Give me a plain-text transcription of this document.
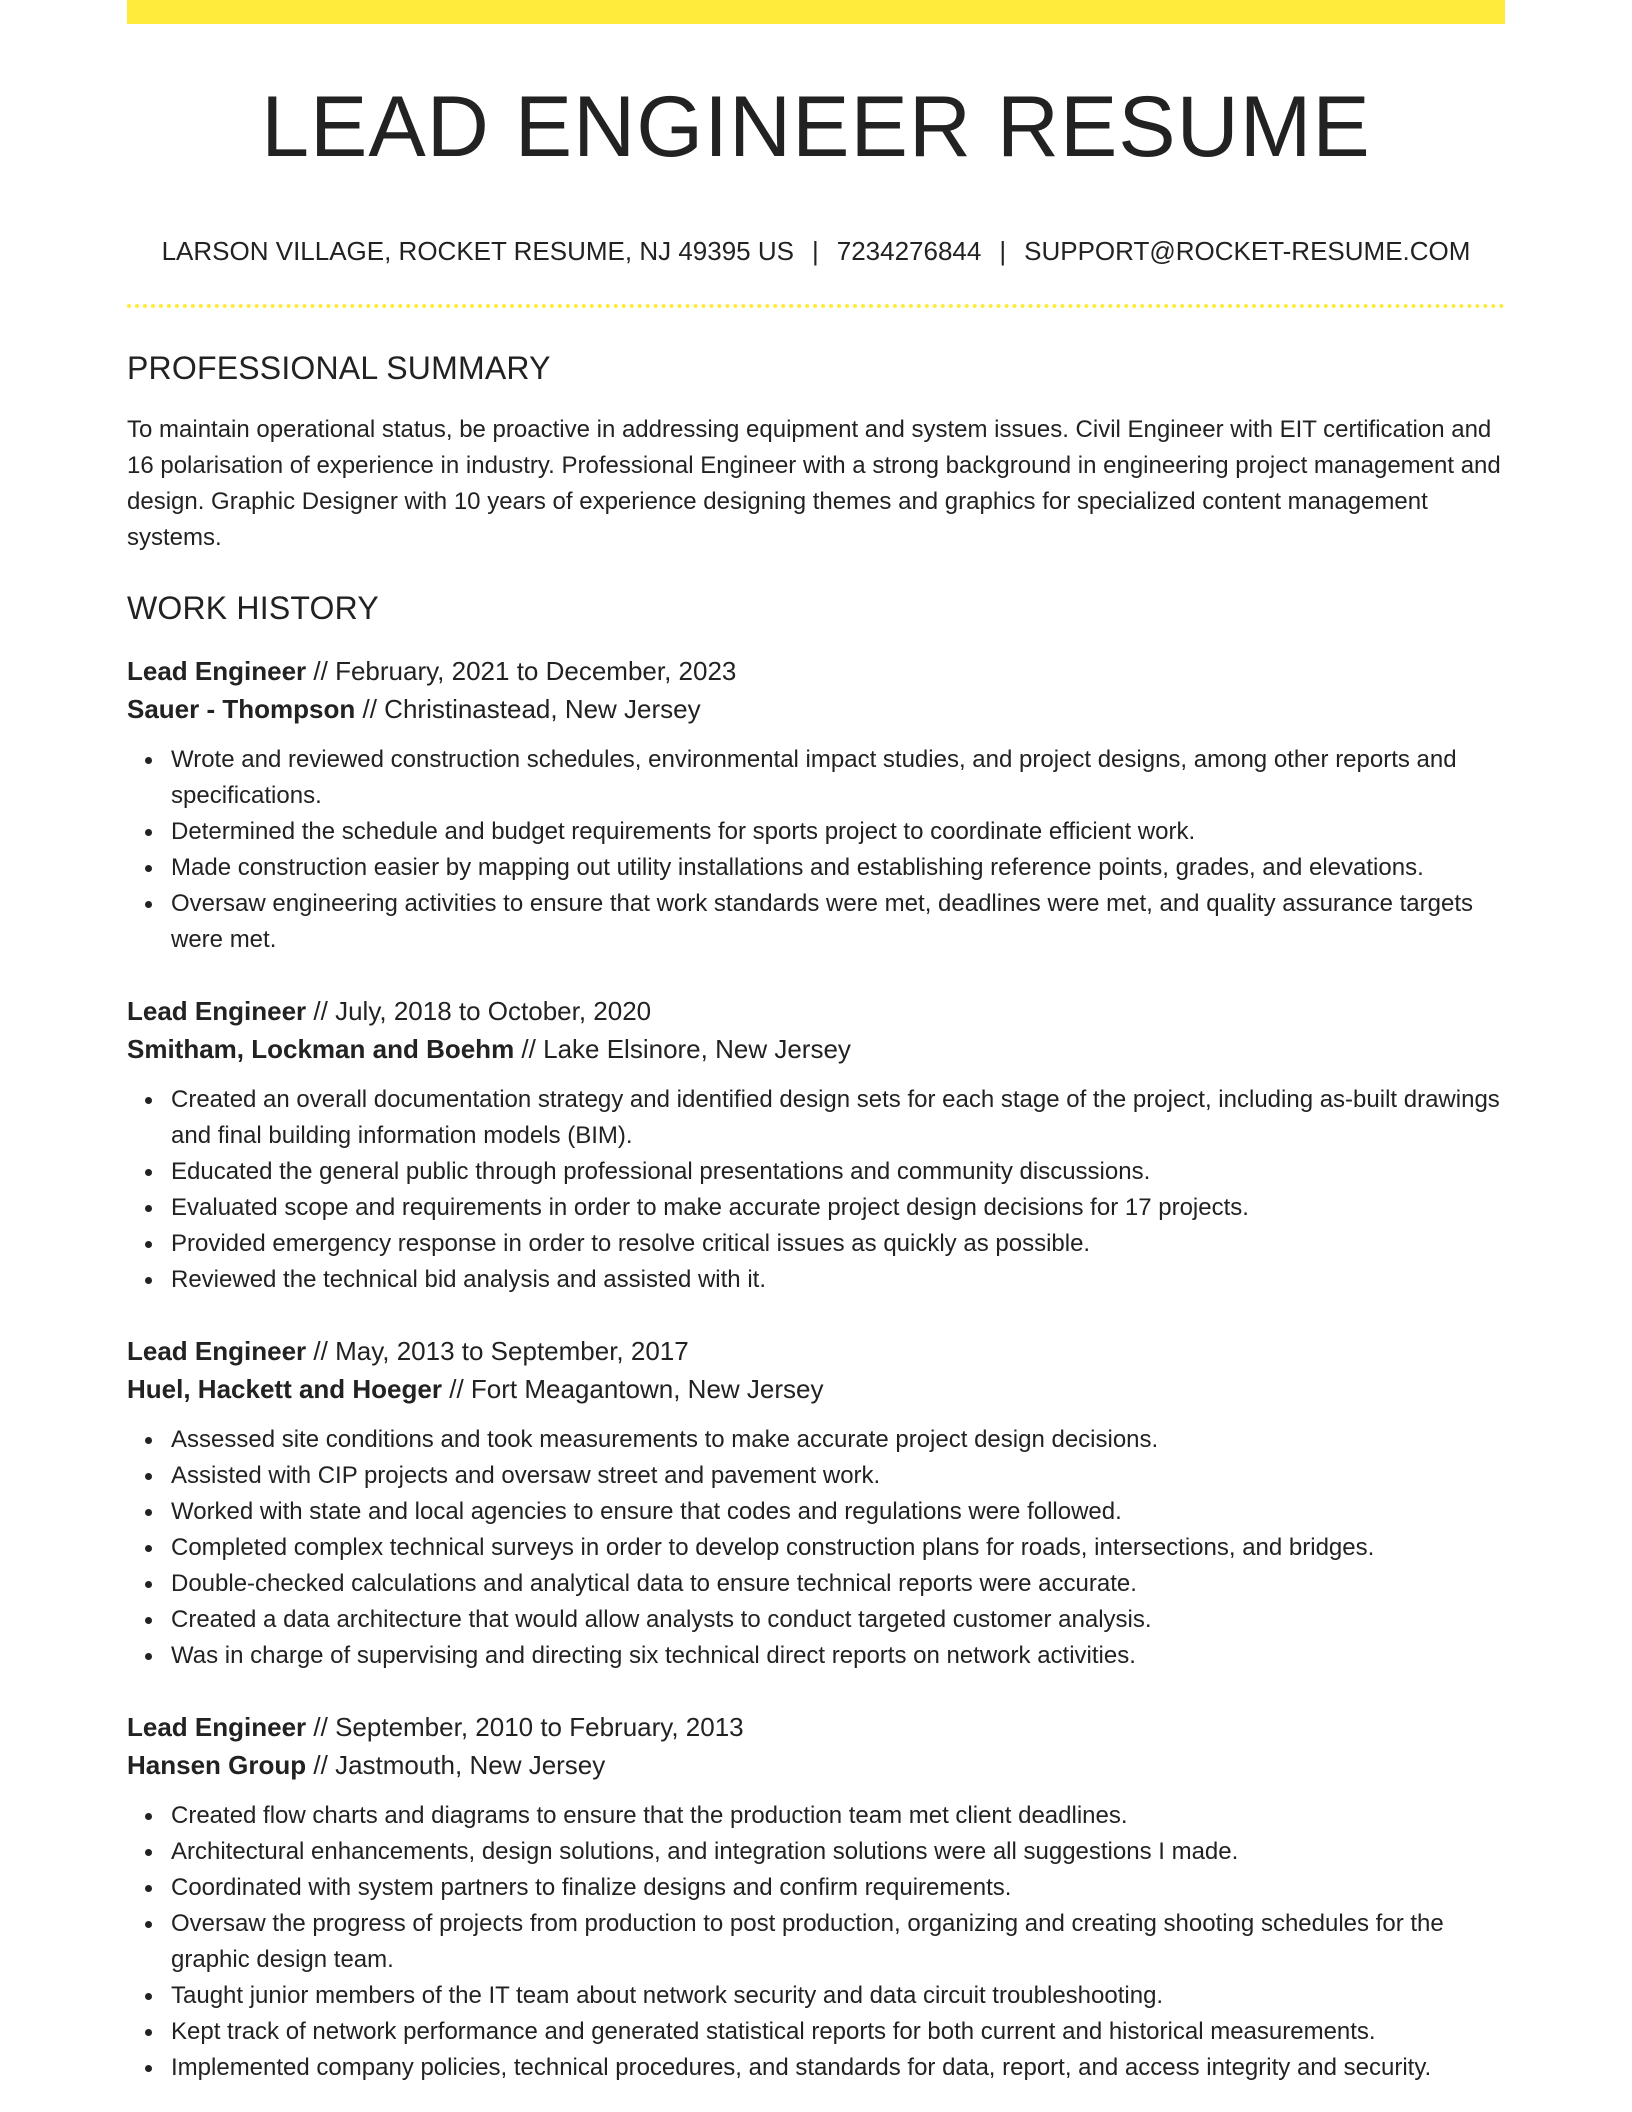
LEAD ENGINEER RESUME
LARSON VILLAGE, ROCKET RESUME, NJ 49395 US | 7234276844 | SUPPORT@ROCKET-RESUME.COM
PROFESSIONAL SUMMARY

To maintain operational status, be proactive in addressing equipment and system issues. Civil Engineer with EIT certification and 16 polarisation of experience in industry. Professional Engineer with a strong background in engineering project management and design. Graphic Designer with 10 years of experience designing themes and graphics for specialized content management systems.

WORK HISTORY
Lead Engineer // February, 2021 to December, 2023
Sauer - Thompson // Christinastead, New Jersey
Wrote and reviewed construction schedules, environmental impact studies, and project designs, among other reports and specifications.
Determined the schedule and budget requirements for sports project to coordinate efficient work.
Made construction easier by mapping out utility installations and establishing reference points, grades, and elevations.
Oversaw engineering activities to ensure that work standards were met, deadlines were met, and quality assurance targets were met.
Lead Engineer // July, 2018 to October, 2020
Smitham, Lockman and Boehm // Lake Elsinore, New Jersey
Created an overall documentation strategy and identified design sets for each stage of the project, including as-built drawings and final building information models (BIM).
Educated the general public through professional presentations and community discussions.
Evaluated scope and requirements in order to make accurate project design decisions for 17 projects.
Provided emergency response in order to resolve critical issues as quickly as possible.
Reviewed the technical bid analysis and assisted with it.
Lead Engineer // May, 2013 to September, 2017
Huel, Hackett and Hoeger // Fort Meagantown, New Jersey
Assessed site conditions and took measurements to make accurate project design decisions.
Assisted with CIP projects and oversaw street and pavement work.
Worked with state and local agencies to ensure that codes and regulations were followed.
Completed complex technical surveys in order to develop construction plans for roads, intersections, and bridges.
Double-checked calculations and analytical data to ensure technical reports were accurate.
Created a data architecture that would allow analysts to conduct targeted customer analysis.
Was in charge of supervising and directing six technical direct reports on network activities.
Lead Engineer // September, 2010 to February, 2013
Hansen Group // Jastmouth, New Jersey
Created flow charts and diagrams to ensure that the production team met client deadlines.
Architectural enhancements, design solutions, and integration solutions were all suggestions I made.
Coordinated with system partners to finalize designs and confirm requirements.
Oversaw the progress of projects from production to post production, organizing and creating shooting schedules for the graphic design team.
Taught junior members of the IT team about network security and data circuit troubleshooting.
Kept track of network performance and generated statistical reports for both current and historical measurements.
Implemented company policies, technical procedures, and standards for data, report, and access integrity and security.
